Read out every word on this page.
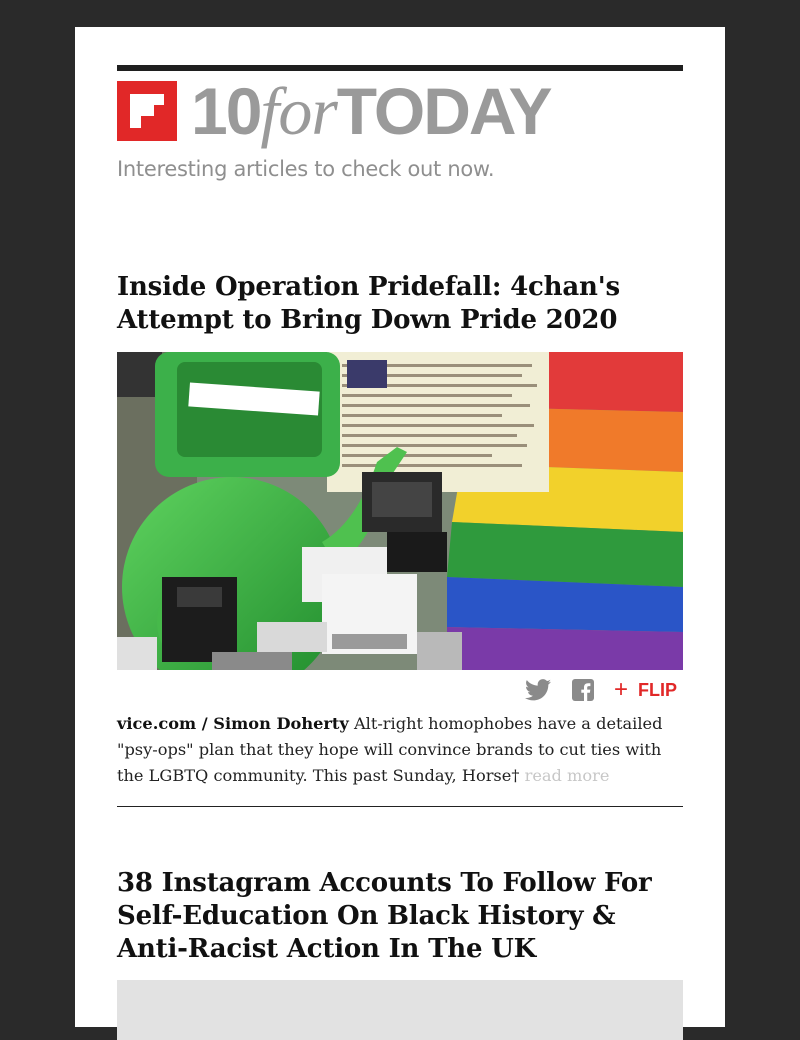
10forTODAY
Interesting articles to check out now.
Inside Operation Pridefall: 4chan's Attempt to Bring Down Pride 2020
+ FLIP

vice.com / Simon Doherty Alt-right homophobes have a detailed "psy-ops" plan that they hope will convince brands to cut ties with the LGBTQ community. This past Sunday, Horse† read more

38 Instagram Accounts To Follow For Self-Education On Black History & Anti-Racist Action In The UK
